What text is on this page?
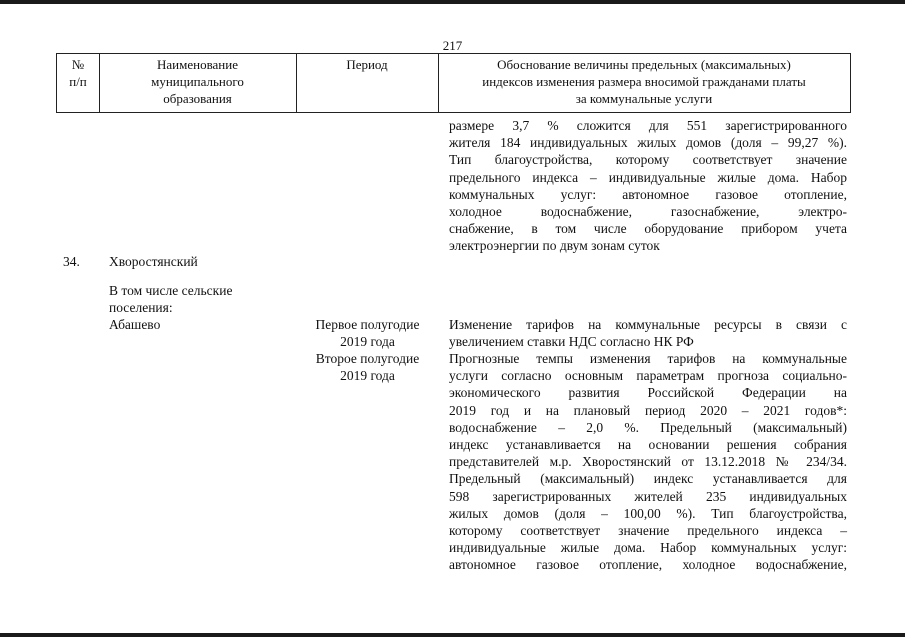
217
№
п/п
Наименование
муниципального
образования
Период	Обоснование величины предельных (максимальных)
индексов изменения размера вносимой гражданами платы
за коммунальные услуги
размере 3,7 % сложится для 551 зарегистрированного
жителя 184 индивидуальных жилых домов (доля – 99,27 %).
Тип благоустройства, которому соответствует значение
предельного индекса – индивидуальные жилые дома. Набор
коммунальных услуг: автономное газовое отопление,
холодное водоснабжение, газоснабжение, электро-
снабжение, в том числе оборудование прибором учета
электроэнергии по двум зонам суток
34. Хворостянский
В том числе сельские
поселения:
Абашево	Первое полугодие
2019 года
Второе полугодие
2019 года
Изменение тарифов на коммунальные ресурсы в связи с
увеличением ставки НДС согласно НК РФ
Прогнозные темпы изменения тарифов на коммунальные
услуги согласно основным параметрам прогноза социально-
экономического развития Российской Федерации на
2019 год и на плановый период 2020 – 2021 годов*:
водоснабжение – 2,0 %. Предельный (максимальный)
индекс устанавливается на основании решения собрания
представителей м.р. Хворостянский от 13.12.2018 № 234/34.
Предельный (максимальный) индекс устанавливается для
598 зарегистрированных жителей 235 индивидуальных
жилых домов (доля – 100,00 %). Тип благоустройства,
которому соответствует значение предельного индекса –
индивидуальные жилые дома. Набор коммунальных услуг:
автономное газовое отопление, холодное водоснабжение,
